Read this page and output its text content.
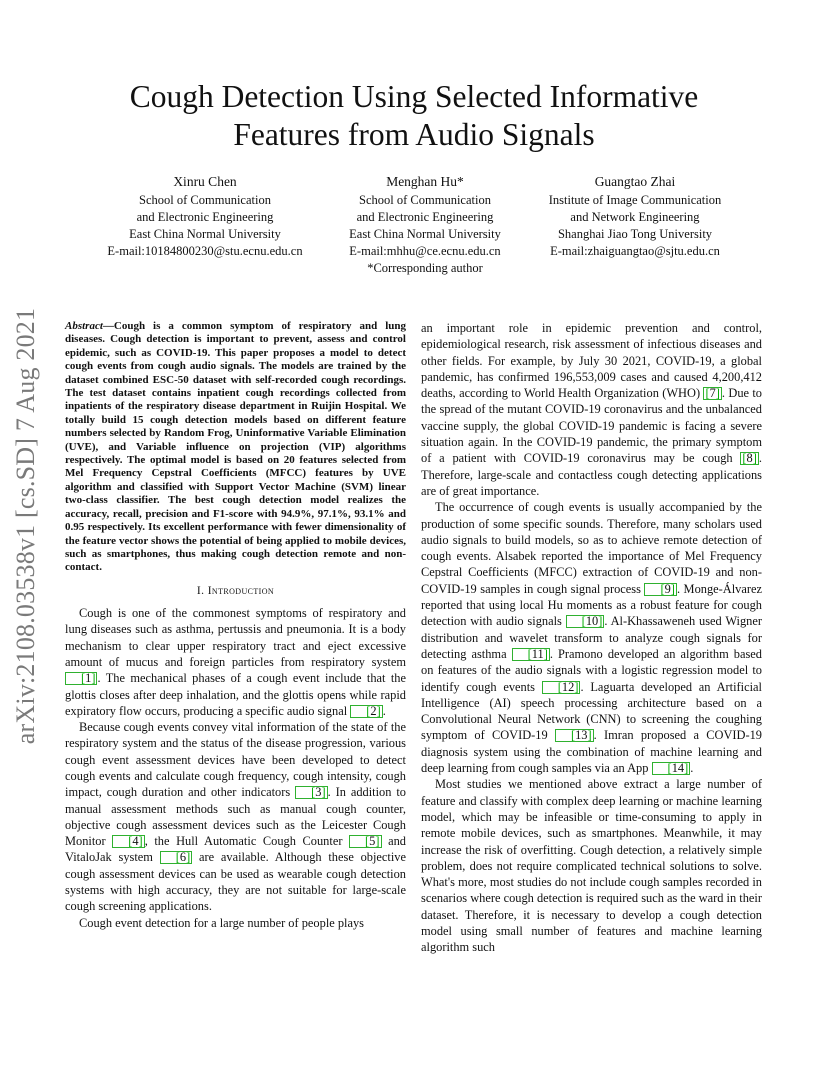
Cough Detection Using Selected Informative
Features from Audio Signals
Xinru Chen
School of Communication
and Electronic Engineering
East China Normal University
E-mail:10184800230@stu.ecnu.edu.cn
Menghan Hu*
School of Communication
and Electronic Engineering
East China Normal University
E-mail:mhhu@ce.ecnu.edu.cn
*Corresponding author
Guangtao Zhai
Institute of Image Communication
and Network Engineering
Shanghai Jiao Tong University
E-mail:zhaiguangtao@sjtu.edu.cn
arXiv:2108.03538v1 [cs.SD] 7 Aug 2021 Abstract—Cough is a common symptom of respiratory and lung diseases. Cough detection is important to prevent, assess and control epidemic, such as COVID-19. This paper proposes a model to detect cough events from cough audio signals. The models are trained by the dataset combined ESC-50 dataset with self-recorded cough recordings. The test dataset contains inpatient cough recordings collected from inpatients of the respiratory disease department in Ruijin Hospital. We totally build 15 cough detection models based on different feature numbers selected by Random Frog, Uninformative Variable Elimination (UVE), and Variable influence on projection (VIP) algorithms respectively. The optimal model is based on 20 features selected from Mel Frequency Cepstral Coefficients (MFCC) features by UVE algorithm and classified with Support Vector Machine (SVM) linear two-class classifier. The best cough detection model realizes the accuracy, recall, precision and F1-score with 94.9%, 97.1%, 93.1% and 0.95 respectively. Its excellent performance with fewer dimensionality of the feature vector shows the potential of being applied to mobile devices, such as smartphones, thus making cough detection remote and non-contact.

I. Introduction

Cough is one of the commonest symptoms of respiratory and lung diseases such as asthma, pertussis and pneumonia. It is a body mechanism to clear upper respiratory tract and eject excessive amount of mucus and foreign particles from respiratory system [1] . The mechanical phases of a cough event include that the glottis closes after deep inhalation, and the glottis opens while rapid expiratory flow occurs, producing a specific audio signal [2] .

Because cough events convey vital information of the state of the respiratory system and the status of the disease progression, various cough event assessment devices have been developed to detect cough events and calculate cough frequency, cough intensity, cough impact, cough duration and other indicators [3] . In addition to manual assessment methods such as manual cough counter, objective cough assessment devices such as the Leicester Cough Monitor [4] , the Hull Automatic Cough Counter [5] and VitaloJak system [6] are available. Although these objective cough assessment devices can be used as wearable cough detection systems with high accuracy, they are not suitable for large-scale cough screening applications.

Cough event detection for a large number of people plays

an important role in epidemic prevention and control, epidemiological research, risk assessment of infectious diseases and other fields. For example, by July 30 2021, COVID-19, a global pandemic, has confirmed 196,553,009 cases and caused 4,200,412 deaths, according to World Health Organization (WHO) [7] . Due to the spread of the mutant COVID-19 coronavirus and the unbalanced vaccine supply, the global COVID-19 pandemic is facing a severe situation again. In the COVID-19 pandemic, the primary symptom of a patient with COVID-19 coronavirus may be cough [8] . Therefore, large-scale and contactless cough detecting applications are of great importance.

The occurrence of cough events is usually accompanied by the production of some specific sounds. Therefore, many scholars used audio signals to build models, so as to achieve remote detection of cough events. Alsabek reported the importance of Mel Frequency Cepstral Coefficients (MFCC) extraction of COVID-19 and non-COVID-19 samples in cough signal process [9] . Monge-Álvarez reported that using local Hu moments as a robust feature for cough detection with audio signals [10] . Al-Khassaweneh used Wigner distribution and wavelet transform to analyze cough signals for detecting asthma [11] . Pramono developed an algorithm based on features of the audio signals with a logistic regression model to identify cough events [12] . Laguarta developed an Artificial Intelligence (AI) speech processing architecture based on a Convolutional Neural Network (CNN) to screening the coughing symptom of COVID-19 [13] . Imran proposed a COVID-19 diagnosis system using the combination of machine learning and deep learning from cough samples via an App [14] .

Most studies we mentioned above extract a large number of feature and classify with complex deep learning or machine learning model, which may be infeasible or time-consuming to apply in remote mobile devices, such as smartphones. Meanwhile, it may increase the risk of overfitting. Cough detection, a relatively simple problem, does not require complicated technical solutions to solve. What's more, most studies do not include cough samples recorded in scenarios where cough detection is required such as the ward in their dataset. Therefore, it is necessary to develop a cough detection model using small number of features and machine learning algorithm such
